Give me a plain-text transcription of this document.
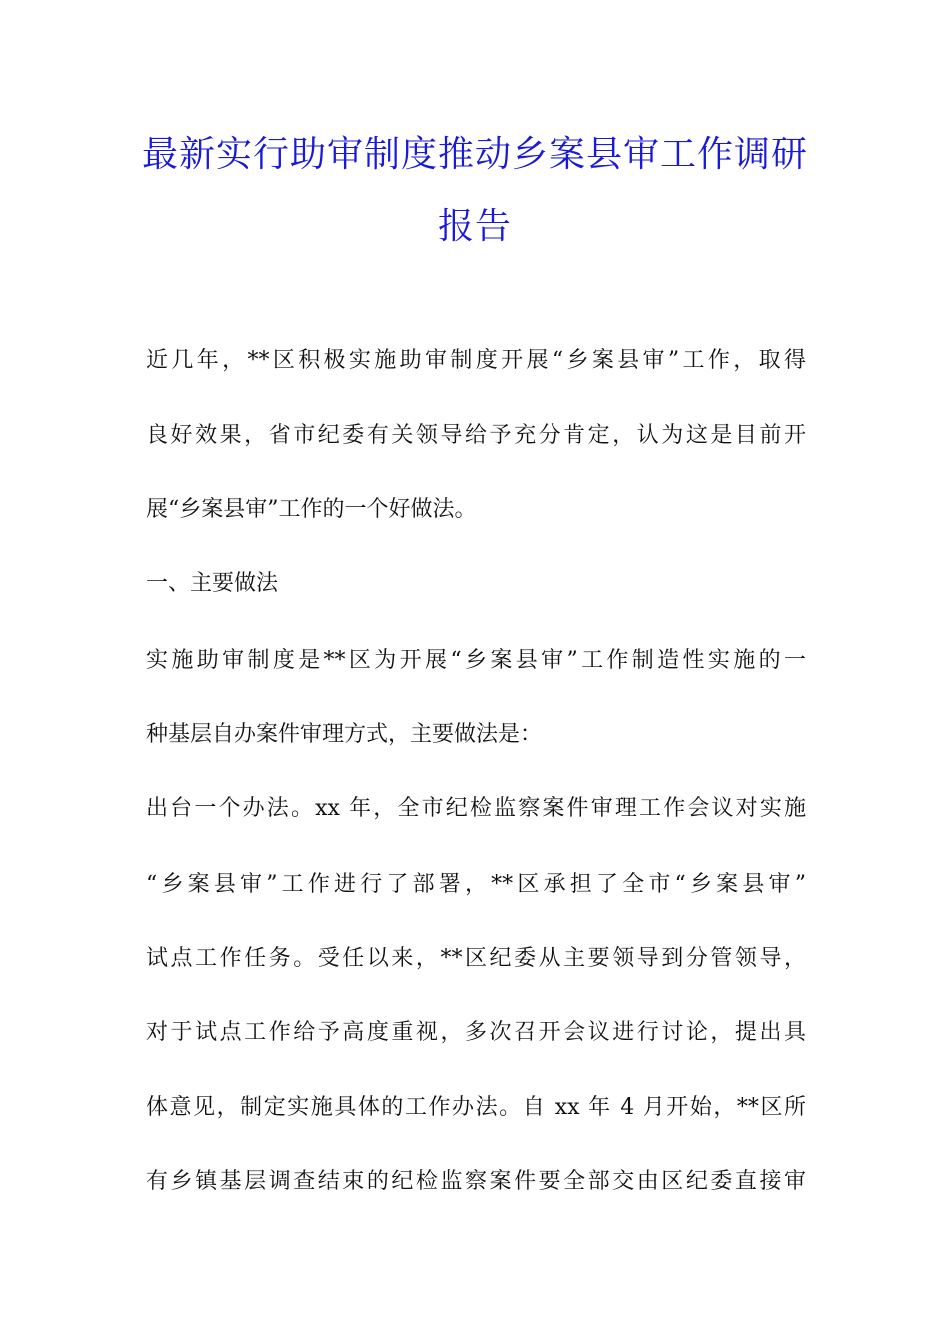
最新实行助审制度推动乡案县审工作调研
报告
近几年，**区积极实施助审制度开展“乡案县审”工作，取得
良好效果，省市纪委有关领导给予充分肯定，认为这是目前开
展“乡案县审”工作的一个好做法。
一、主要做法
实施助审制度是**区为开展“乡案县审”工作制造性实施的一
种基层自办案件审理方式，主要做法是：
出台一个办法。xx 年，全市纪检监察案件审理工作会议对实施
“乡案县审”工作进行了部署，**区承担了全市“乡案县审”
试点工作任务。受任以来，**区纪委从主要领导到分管领导，
对于试点工作给予高度重视，多次召开会议进行讨论，提出具
体意见，制定实施具体的工作办法。自 xx 年 4 月开始，**区所
有乡镇基层调查结束的纪检监察案件要全部交由区纪委直接审
